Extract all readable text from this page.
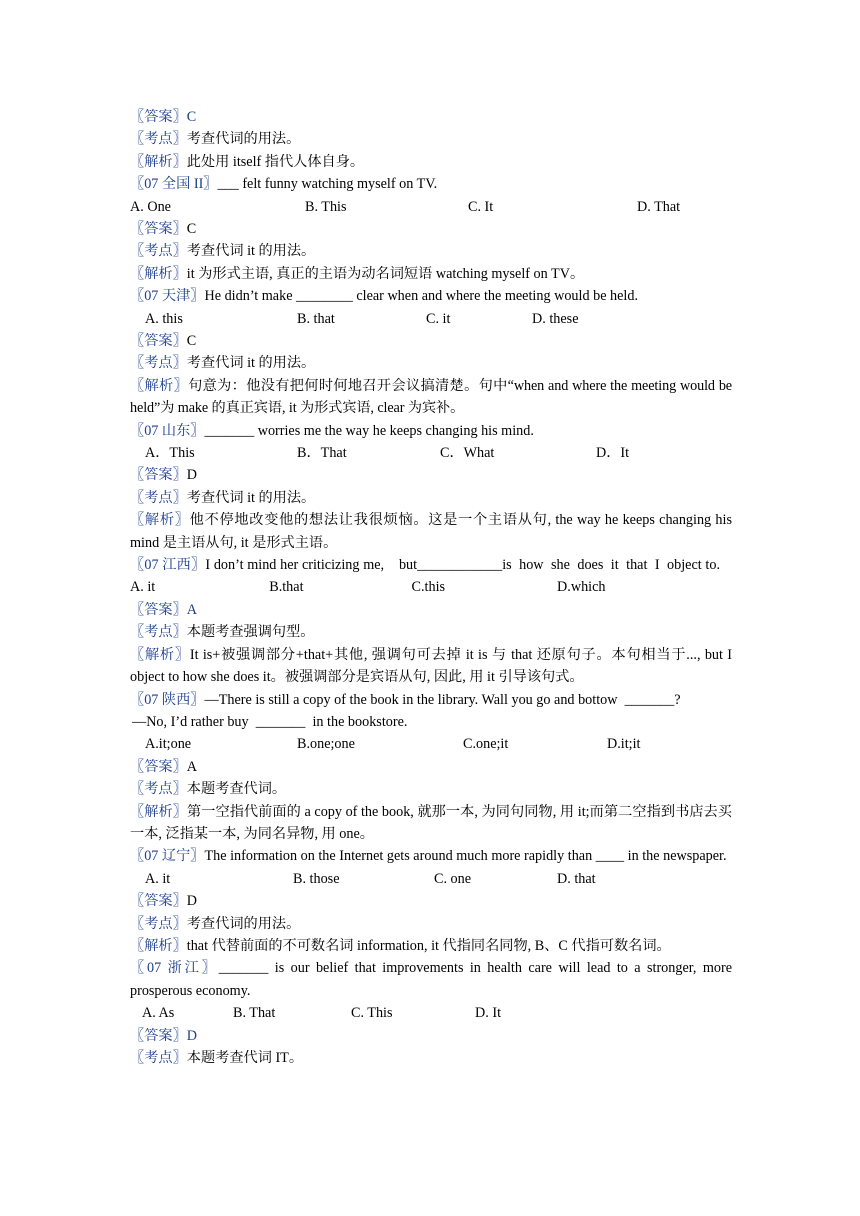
〖答案〗C
〖考点〗考查代词的用法。
〖解析〗此处用 itself 指代人体自身。
〖07 全国 II〗___ felt funny watching myself on TV.
A. One	B. This	C. It	D. That
〖答案〗C
〖考点〗考查代词 it 的用法。
〖解析〗it 为形式主语, 真正的主语为动名词短语 watching myself on TV。
〖07 天津〗He didn’t make ________ clear when and where the meeting would be held.
A. this	B. that	C. it	D. these
〖答案〗C
〖考点〗考查代词 it 的用法。
〖解析〗句意为：他没有把何时何地召开会议搞清楚。句中“when and where the meeting would be held”为 make 的真正宾语, it 为形式宾语, clear 为宾补。
〖07 山东〗_______ worries me the way he keeps changing his mind.
A．This	B．That	C．What	D．It
〖答案〗D
〖考点〗考查代词 it 的用法。
〖解析〗他不停地改变他的想法让我很烦恼。这是一个主语从句, the way he keeps changing his mind 是主语从句, it 是形式主语。
〖07 江西〗I don’t mind her criticizing me,    but____________is  how  she  does  it  that  I  object to.A. it	B.that	C.this	D.which
〖答案〗A
〖考点〗本题考查强调句型。
〖解析〗It is+被强调部分+that+其他, 强调句可去掉 it is 与 that 还原句子。本句相当于..., but I object to how she does it。被强调部分是宾语从句, 因此, 用 it 引导该句式。
〖07 陕西〗—There is still a copy of the book in the library. Wall you go and bottow  _______?
—No, I’d rather buy  _______  in the bookstore.
A.it;one	B.one;one	C.one;it	D.it;it
〖答案〗A
〖考点〗本题考查代词。
〖解析〗第一空指代前面的 a copy of the book, 就那一本, 为同句同物, 用 it;而第二空指到书店去买一本, 泛指某一本, 为同名异物, 用 one。
〖07 辽宁〗The information on the Internet gets around much more rapidly than ____ in the newspaper.
A. it	B. those	C. one	D. that
〖答案〗D
〖考点〗考查代词的用法。
〖解析〗that 代替前面的不可数名词 information, it 代指同名同物, B、C 代指可数名词。
〖07 浙江〗_______ is our belief that improvements in health care will lead to a stronger, more prosperous economy.
A. As	B. That	C. This	D. It
〖答案〗D
〖考点〗本题考查代词 IT。
